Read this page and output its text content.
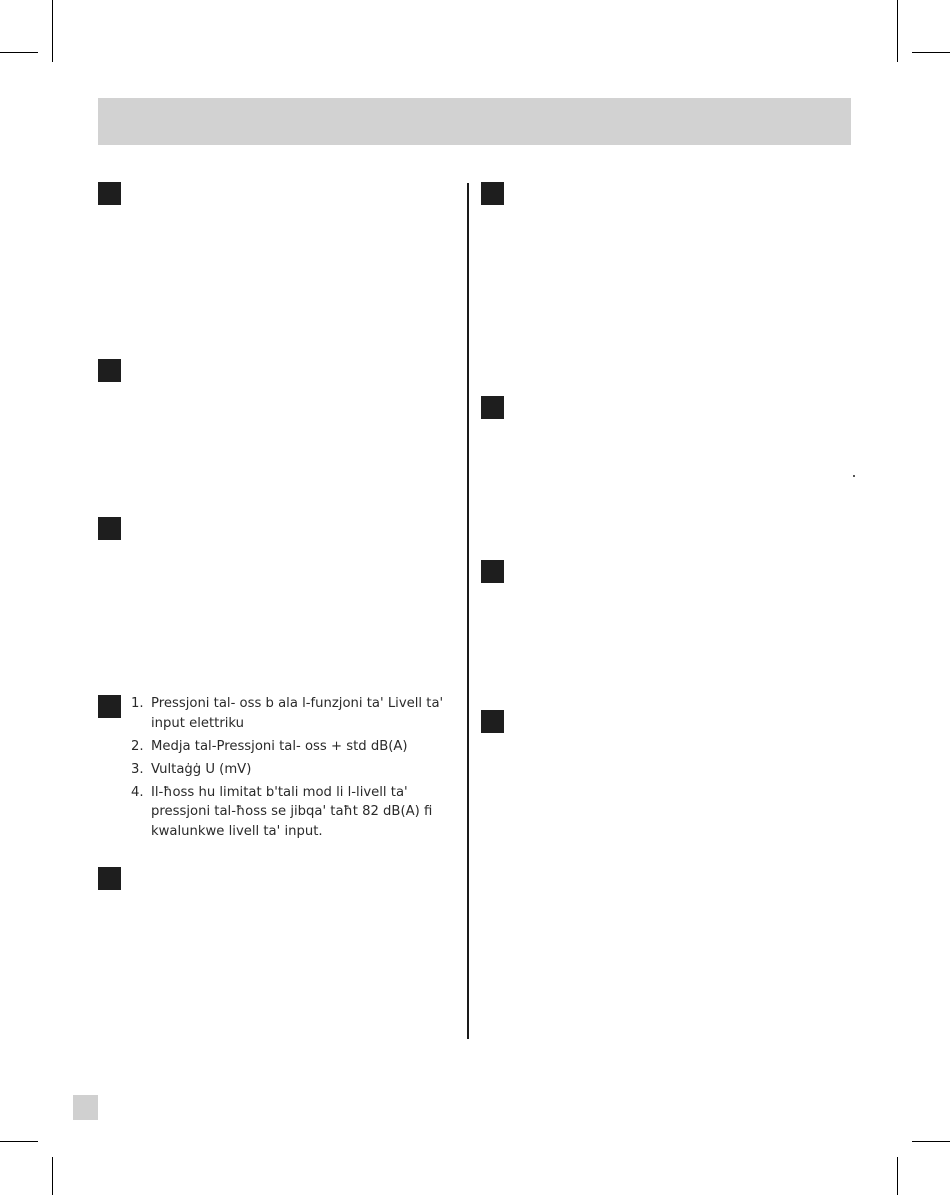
1. Pressjoni tal- oss b ala l-funzjoni ta' Livell ta' input elettriku
2. Medja tal-Pressjoni tal- oss + std dB(A)
3. Vultaġġ U (mV)
4. Il-ħoss hu limitat b'tali mod li l-livell ta' pressjoni tal-ħoss se jibqa' taħt 82 dB(A) fi kwalunkwe livell ta' input.
